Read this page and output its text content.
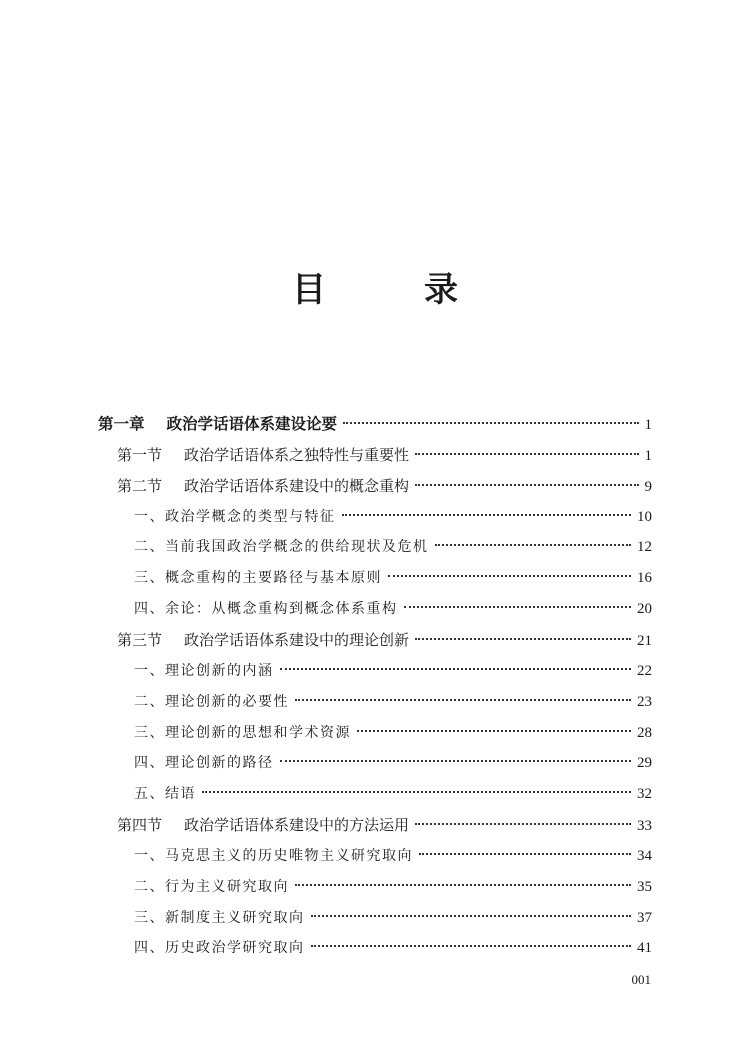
目　录
第一章 政治学话语体系建设论要	1
第一节 政治学话语体系之独特性与重要性	1
第二节 政治学话语体系建设中的概念重构	9
一、政治学概念的类型与特征	10
二、当前我国政治学概念的供给现状及危机	12
三、概念重构的主要路径与基本原则	16
四、余论：从概念重构到概念体系重构	20
第三节 政治学话语体系建设中的理论创新	21
一、理论创新的内涵	22
二、理论创新的必要性	23
三、理论创新的思想和学术资源	28
四、理论创新的路径	29
五、结语	32
第四节 政治学话语体系建设中的方法运用	33
一、马克思主义的历史唯物主义研究取向	34
二、行为主义研究取向	35
三、新制度主义研究取向	37
四、历史政治学研究取向	41
001
